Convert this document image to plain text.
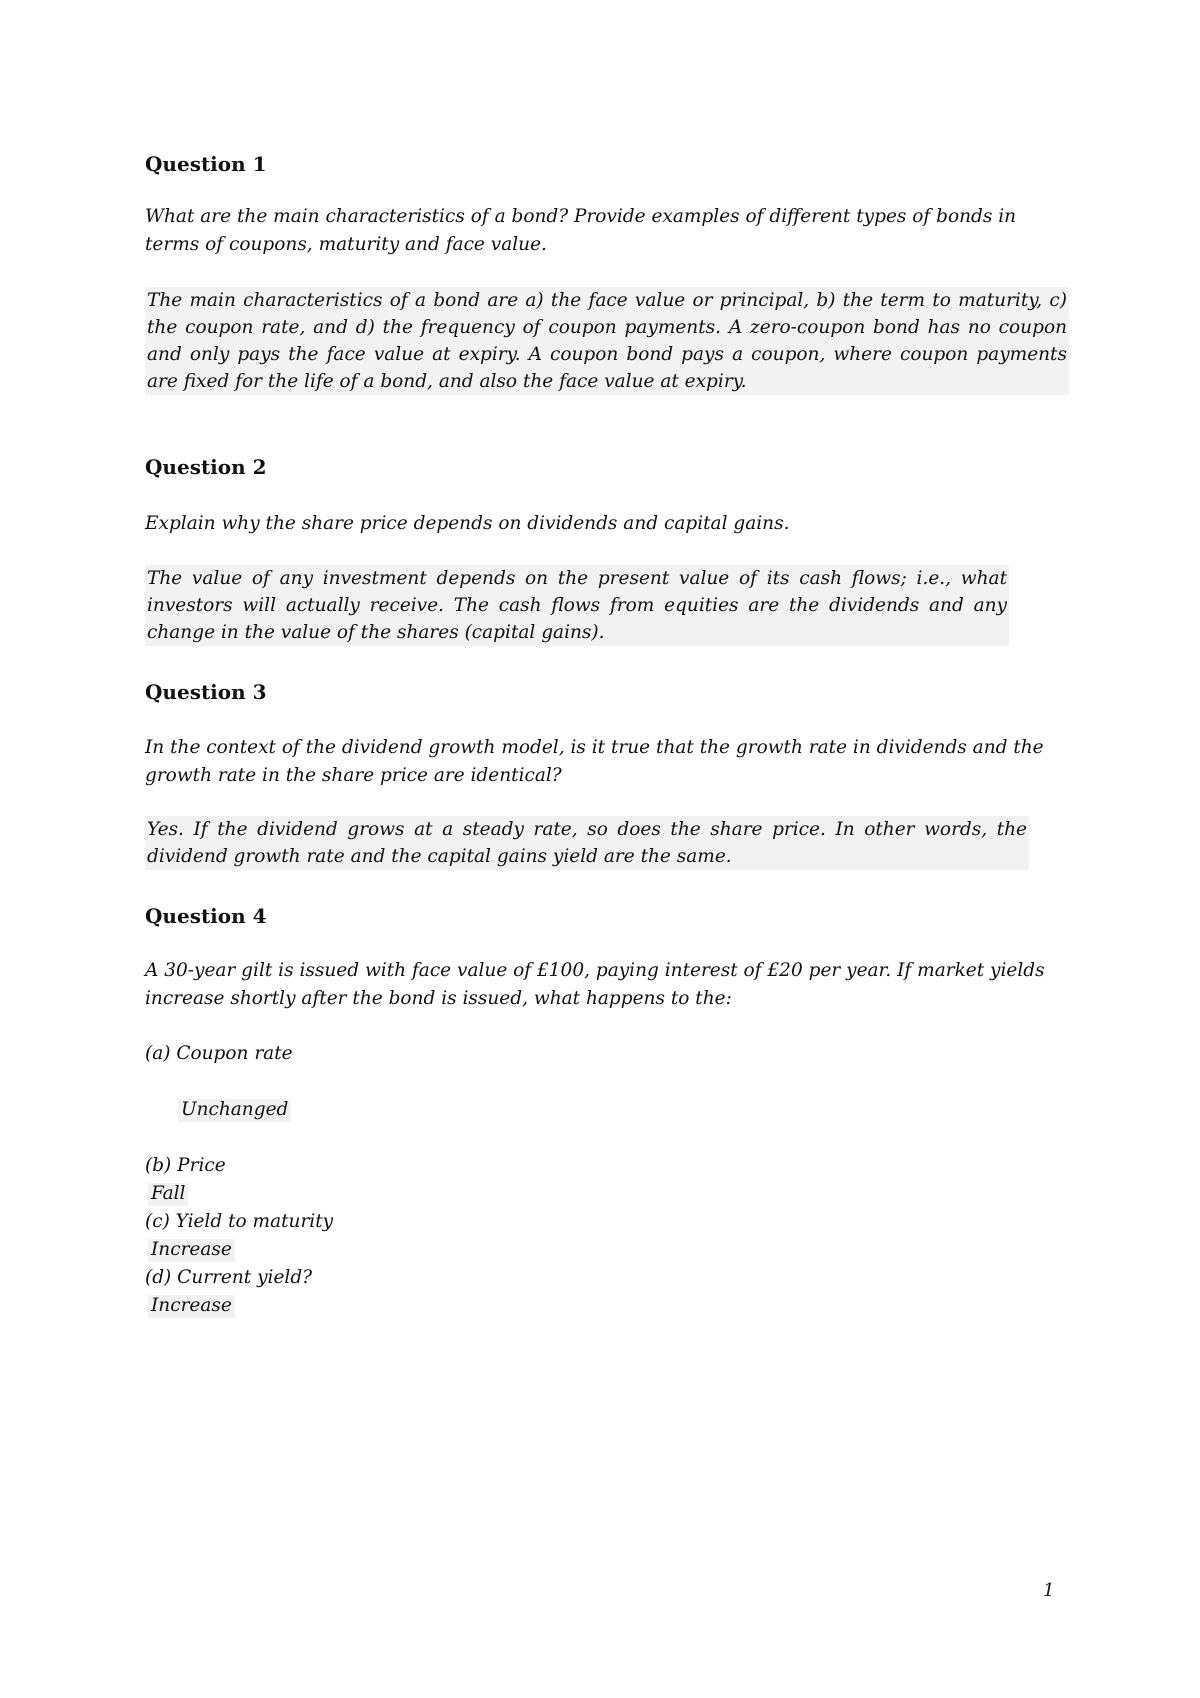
Question 1
What are the main characteristics of a bond? Provide examples of different types of bonds in terms of coupons, maturity and face value.
The main characteristics of a bond are a) the face value or principal, b) the term to maturity, c) the coupon rate, and d) the frequency of coupon payments. A zero-coupon bond has no coupon and only pays the face value at expiry. A coupon bond pays a coupon, where coupon payments are fixed for the life of a bond, and also the face value at expiry.
Question 2
Explain why the share price depends on dividends and capital gains.
The value of any investment depends on the present value of its cash flows; i.e., what investors will actually receive. The cash flows from equities are the dividends and any change in the value of the shares (capital gains).
Question 3
In the context of the dividend growth model, is it true that the growth rate in dividends and the growth rate in the share price are identical?
Yes. If the dividend grows at a steady rate, so does the share price. In other words, the dividend growth rate and the capital gains yield are the same.
Question 4
A 30-year gilt is issued with face value of £100, paying interest of £20 per year. If market yields increase shortly after the bond is issued, what happens to the:
(a) Coupon rate
Unchanged
(b) Price
Fall
(c) Yield to maturity
Increase
(d) Current yield?
Increase
1
